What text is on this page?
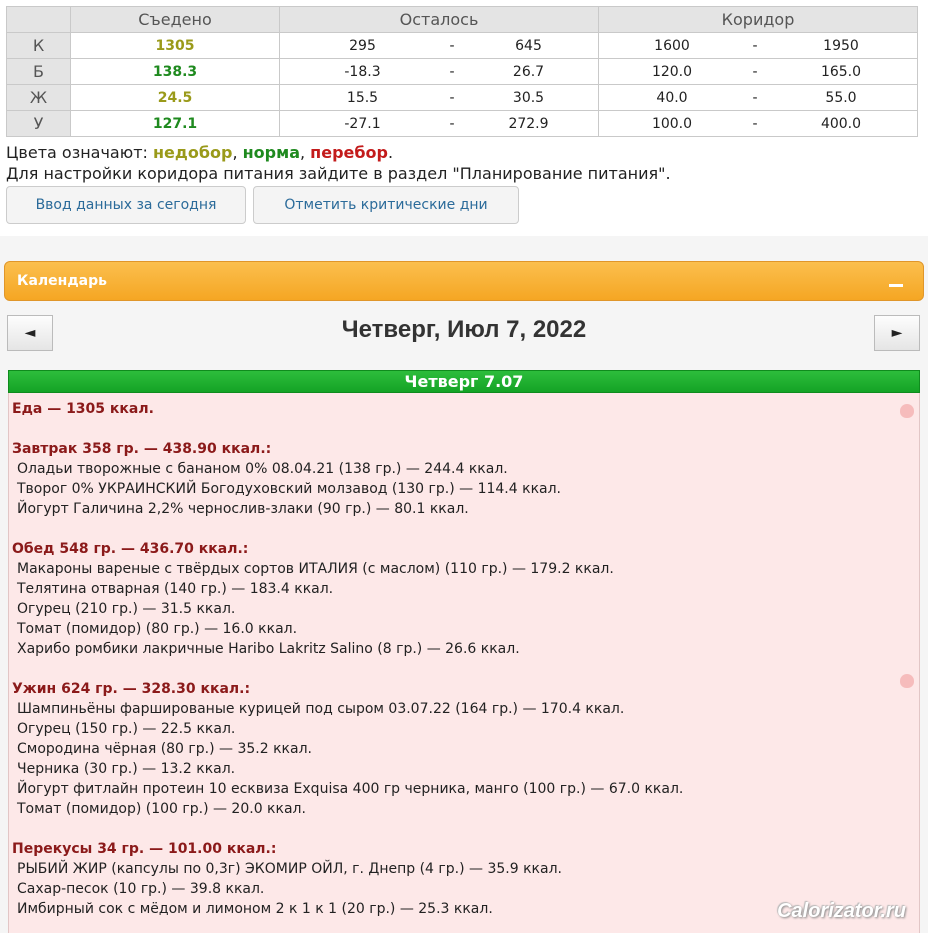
	Съедено	Осталось	Коридор
К	1305	295 - 645	1600 - 1950

Б	138.3	-18.3 - 26.7	120.0 - 165.0

Ж	24.5	15.5 - 30.5	40.0 - 55.0

У	127.1	-27.1 - 272.9	100.0 - 400.0
Цвета означают: недобор, норма, перебор.
Для настройки коридора питания зайдите в раздел "Планирование питания".
Ввод данных за сегодня	Отметить критические дни
Календарь
◄	Четверг, Июл 7, 2022	►
Четверг 7.07
Еда — 1305 ккал.
Завтрак 358 гр. — 438.90 ккал.:
Оладьи творожные с бананом 0% 08.04.21 (138 гр.) — 244.4 ккал.
Творог 0% УКРАИНСКИЙ Богодуховский молзавод (130 гр.) — 114.4 ккал.
Йогурт Галичина 2,2% чернослив-злаки (90 гр.) — 80.1 ккал.
Обед 548 гр. — 436.70 ккал.:
Макароны вареные с твёрдых сортов ИТАЛИЯ (с маслом) (110 гр.) — 179.2 ккал.
Телятина отварная (140 гр.) — 183.4 ккал.
Огурец (210 гр.) — 31.5 ккал.
Томат (помидор) (80 гр.) — 16.0 ккал.
Харибо ромбики лакричные Haribo Lakritz Salino (8 гр.) — 26.6 ккал.
Ужин 624 гр. — 328.30 ккал.:
Шампиньёны фаршированые курицей под сыром 03.07.22 (164 гр.) — 170.4 ккал.
Огурец (150 гр.) — 22.5 ккал.
Смородина чёрная (80 гр.) — 35.2 ккал.
Черника (30 гр.) — 13.2 ккал.
Йогурт фитлайн протеин 10 есквиза Exquisa 400 гр черника, манго (100 гр.) — 67.0 ккал.
Томат (помидор) (100 гр.) — 20.0 ккал.
Перекусы 34 гр. — 101.00 ккал.:
РЫБИЙ ЖИР (капсулы по 0,3г) ЭКОМИР ОЙЛ, г. Днепр (4 гр.) — 35.9 ккал.
Сахар-песок (10 гр.) — 39.8 ккал.
Имбирный сок с мёдом и лимоном 2 к 1 к 1 (20 гр.) — 25.3 ккал.	Calorizator.ru
